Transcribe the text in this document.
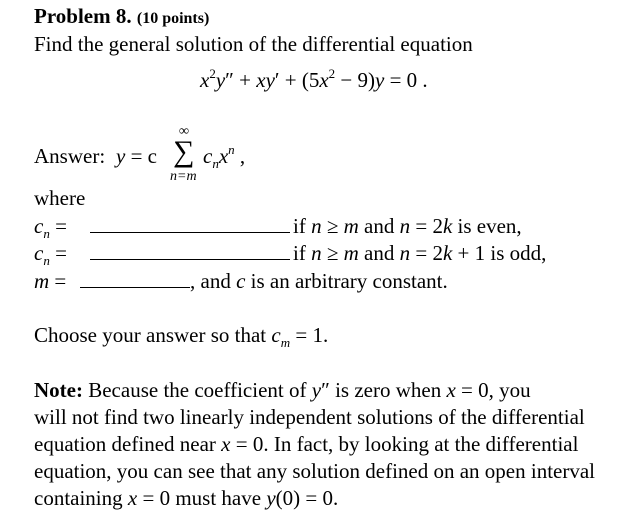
Problem 8. (10 points)
Find the general solution of the differential equation
$x^2y'' + xy' + (5x^2 - 9)y = 0$ .
Answer: y = c
∞
∑
n=m
$c_nx^n$ ,
where
$c_n$ =	if n ≥ m and n = 2k is even,
$c_n$ =	if n ≥ m and n = 2k + 1 is odd,
m =	, and c is an arbitrary constant.
Choose your answer so that $c_m = 1$.
Note: Because the coefficient of y″ is zero when x = 0, you
will not find two linearly independent solutions of the differential
equation defined near x = 0. In fact, by looking at the differential
equation, you can see that any solution defined on an open interval
containing x = 0 must have y(0) = 0.
